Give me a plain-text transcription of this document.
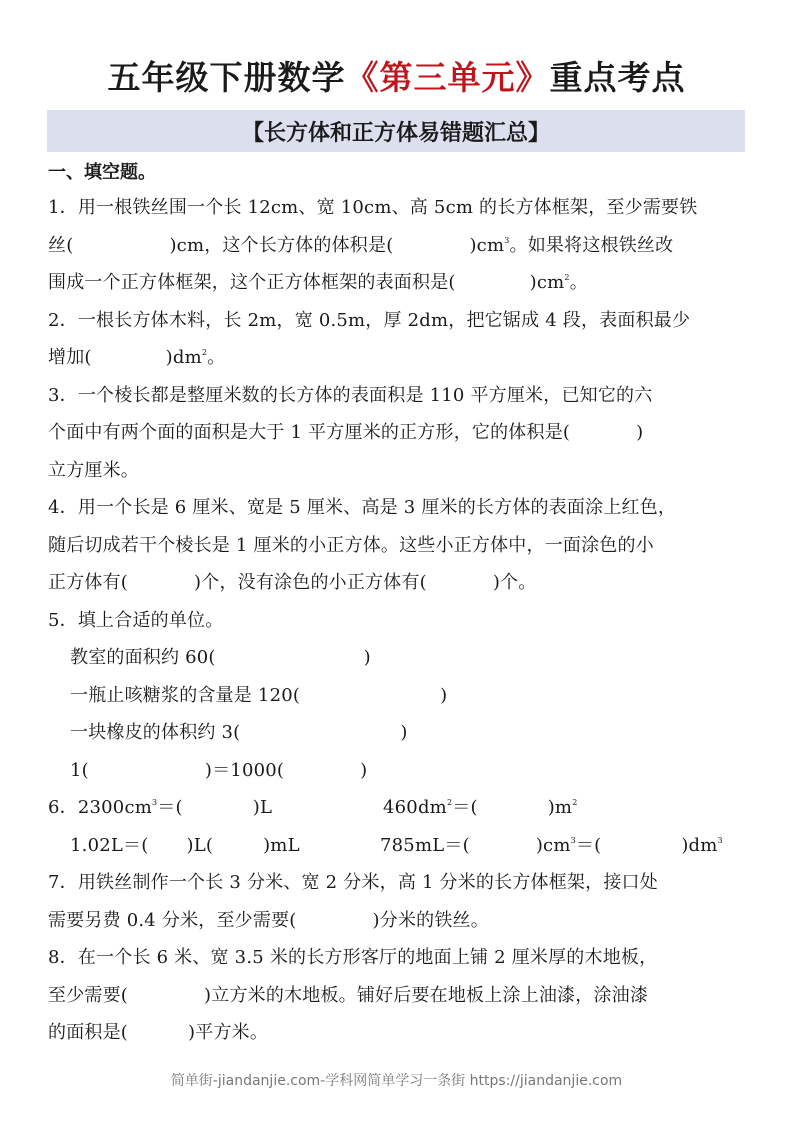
五年级下册数学《第三单元》重点考点
【长方体和正方体易错题汇总】
一、填空题。
1．用一根铁丝围一个长 12cm、宽 10cm、高 5cm 的长方体框架，至少需要铁
丝(	)cm，这个长方体的体积是(	)$cm^3$。如果将这根铁丝改
围成一个正方体框架，这个正方体框架的表面积是(	)$cm^2$。
2．一根长方体木料，长 2m，宽 0.5m，厚 2dm，把它锯成 4 段，表面积最少
增加(	)$dm^2$。
3．一个棱长都是整厘米数的长方体的表面积是 110 平方厘米，已知它的六
个面中有两个面的面积是大于 1 平方厘米的正方形，它的体积是(	)
立方厘米。
4．用一个长是 6 厘米、宽是 5 厘米、高是 3 厘米的长方体的表面涂上红色，
随后切成若干个棱长是 1 厘米的小正方体。这些小正方体中，一面涂色的小
正方体有(	)个，没有涂色的小正方体有(	)个。
5．填上合适的单位。
教室的面积约 60(	)
一瓶止咳糖浆的含量是 120(	)
一块橡皮的体积约 3(	)
1(	)＝1000(	)
6．$2300cm^3=$(	)L	$460dm^2=$(	)$m^2$
1.02L＝( )L(	)mL	785mL＝(	)$cm^3=$(	)$dm^3$
7．用铁丝制作一个长 3 分米、宽 2 分米，高 1 分米的长方体框架，接口处
需要另费 0.4 分米，至少需要(	)分米的铁丝。
8．在一个长 6 米、宽 3.5 米的长方形客厅的地面上铺 2 厘米厚的木地板，
至少需要(	)立方米的木地板。铺好后要在地板上涂上油漆，涂油漆
的面积是(	)平方米。
简单街-jiandanjie.com-学科网简单学习一条街 https://jiandanjie.com
